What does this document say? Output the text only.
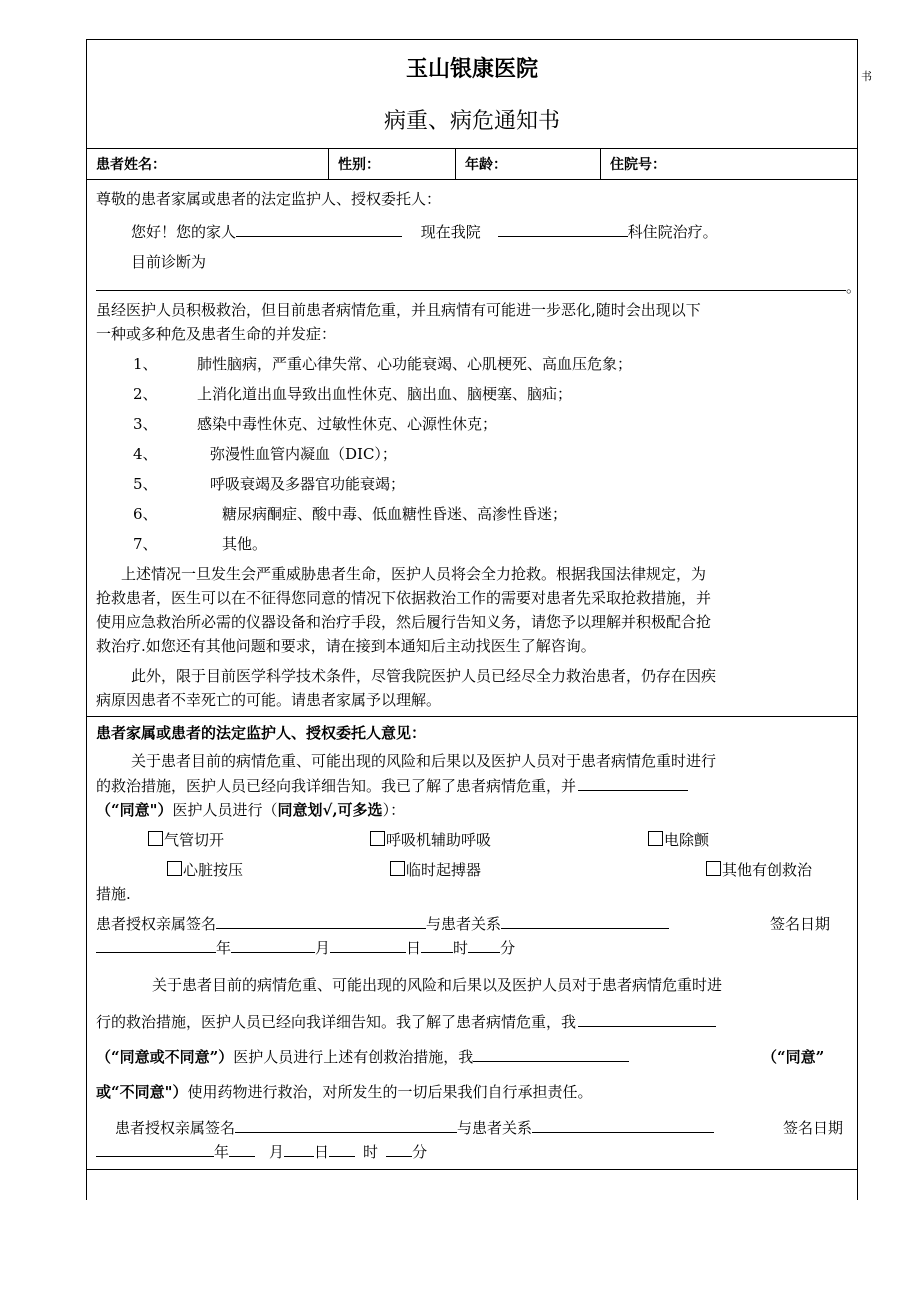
书
玉山银康医院
病重、病危通知书
患者姓名：	性别：	年龄：	住院号：
尊敬的患者家属或患者的法定监护人、授权委托人：
您好！您的家人	现在我院	科住院治疗。
目前诊断为
。
虽经医护人员积极救治，但目前患者病情危重，并且病情有可能进一步恶化,随时会出现以下
一种或多种危及患者生命的并发症：
1、	肺性脑病，严重心律失常、心功能衰竭、心肌梗死、高血压危象；
2、	上消化道出血导致出血性休克、脑出血、脑梗塞、脑疝；
3、	感染中毒性休克、过敏性休克、心源性休克；
4、	弥漫性血管内凝血（DIC）；
5、	呼吸衰竭及多器官功能衰竭；
6、	糖尿病酮症、酸中毒、低血糖性昏迷、高渗性昏迷；
7、	其他。
上述情况一旦发生会严重威胁患者生命，医护人员将会全力抢救。根据我国法律规定，为
抢救患者，医生可以在不征得您同意的情况下依据救治工作的需要对患者先采取抢救措施，并
使用应急救治所必需的仪器设备和治疗手段，然后履行告知义务，请您予以理解并积极配合抢
救治疗.如您还有其他问题和要求，请在接到本通知后主动找医生了解咨询。
此外，限于目前医学科学技术条件，尽管我院医护人员已经尽全力救治患者，仍存在因疾
病原因患者不幸死亡的可能。请患者家属予以理解。
患者家属或患者的法定监护人、授权委托人意见：
关于患者目前的病情危重、可能出现的风险和后果以及医护人员对于患者病情危重时进行
的救治措施，医护人员已经向我详细告知。我已了解了患者病情危重，并
（“同意"）医护人员进行（同意划√,可多选）：
气管切开	呼吸机辅助呼吸	电除颤
心脏按压	临时起搏器	其他有创救治
措施.
患者授权亲属签名	与患者关系	签名日期
年	月	日 时 分
关于患者目前的病情危重、可能出现的风险和后果以及医护人员对于患者病情危重时进
行的救治措施，医护人员已经向我详细告知。我了解了患者病情危重，我
（“同意或不同意”）医护人员进行上述有创救治措施，我	（“同意”
或“不同意"）使用药物进行救治，对所发生的一切后果我们自行承担责任。
患者授权亲属签名	与患者关系	签名日期
年	月 日 时 分
